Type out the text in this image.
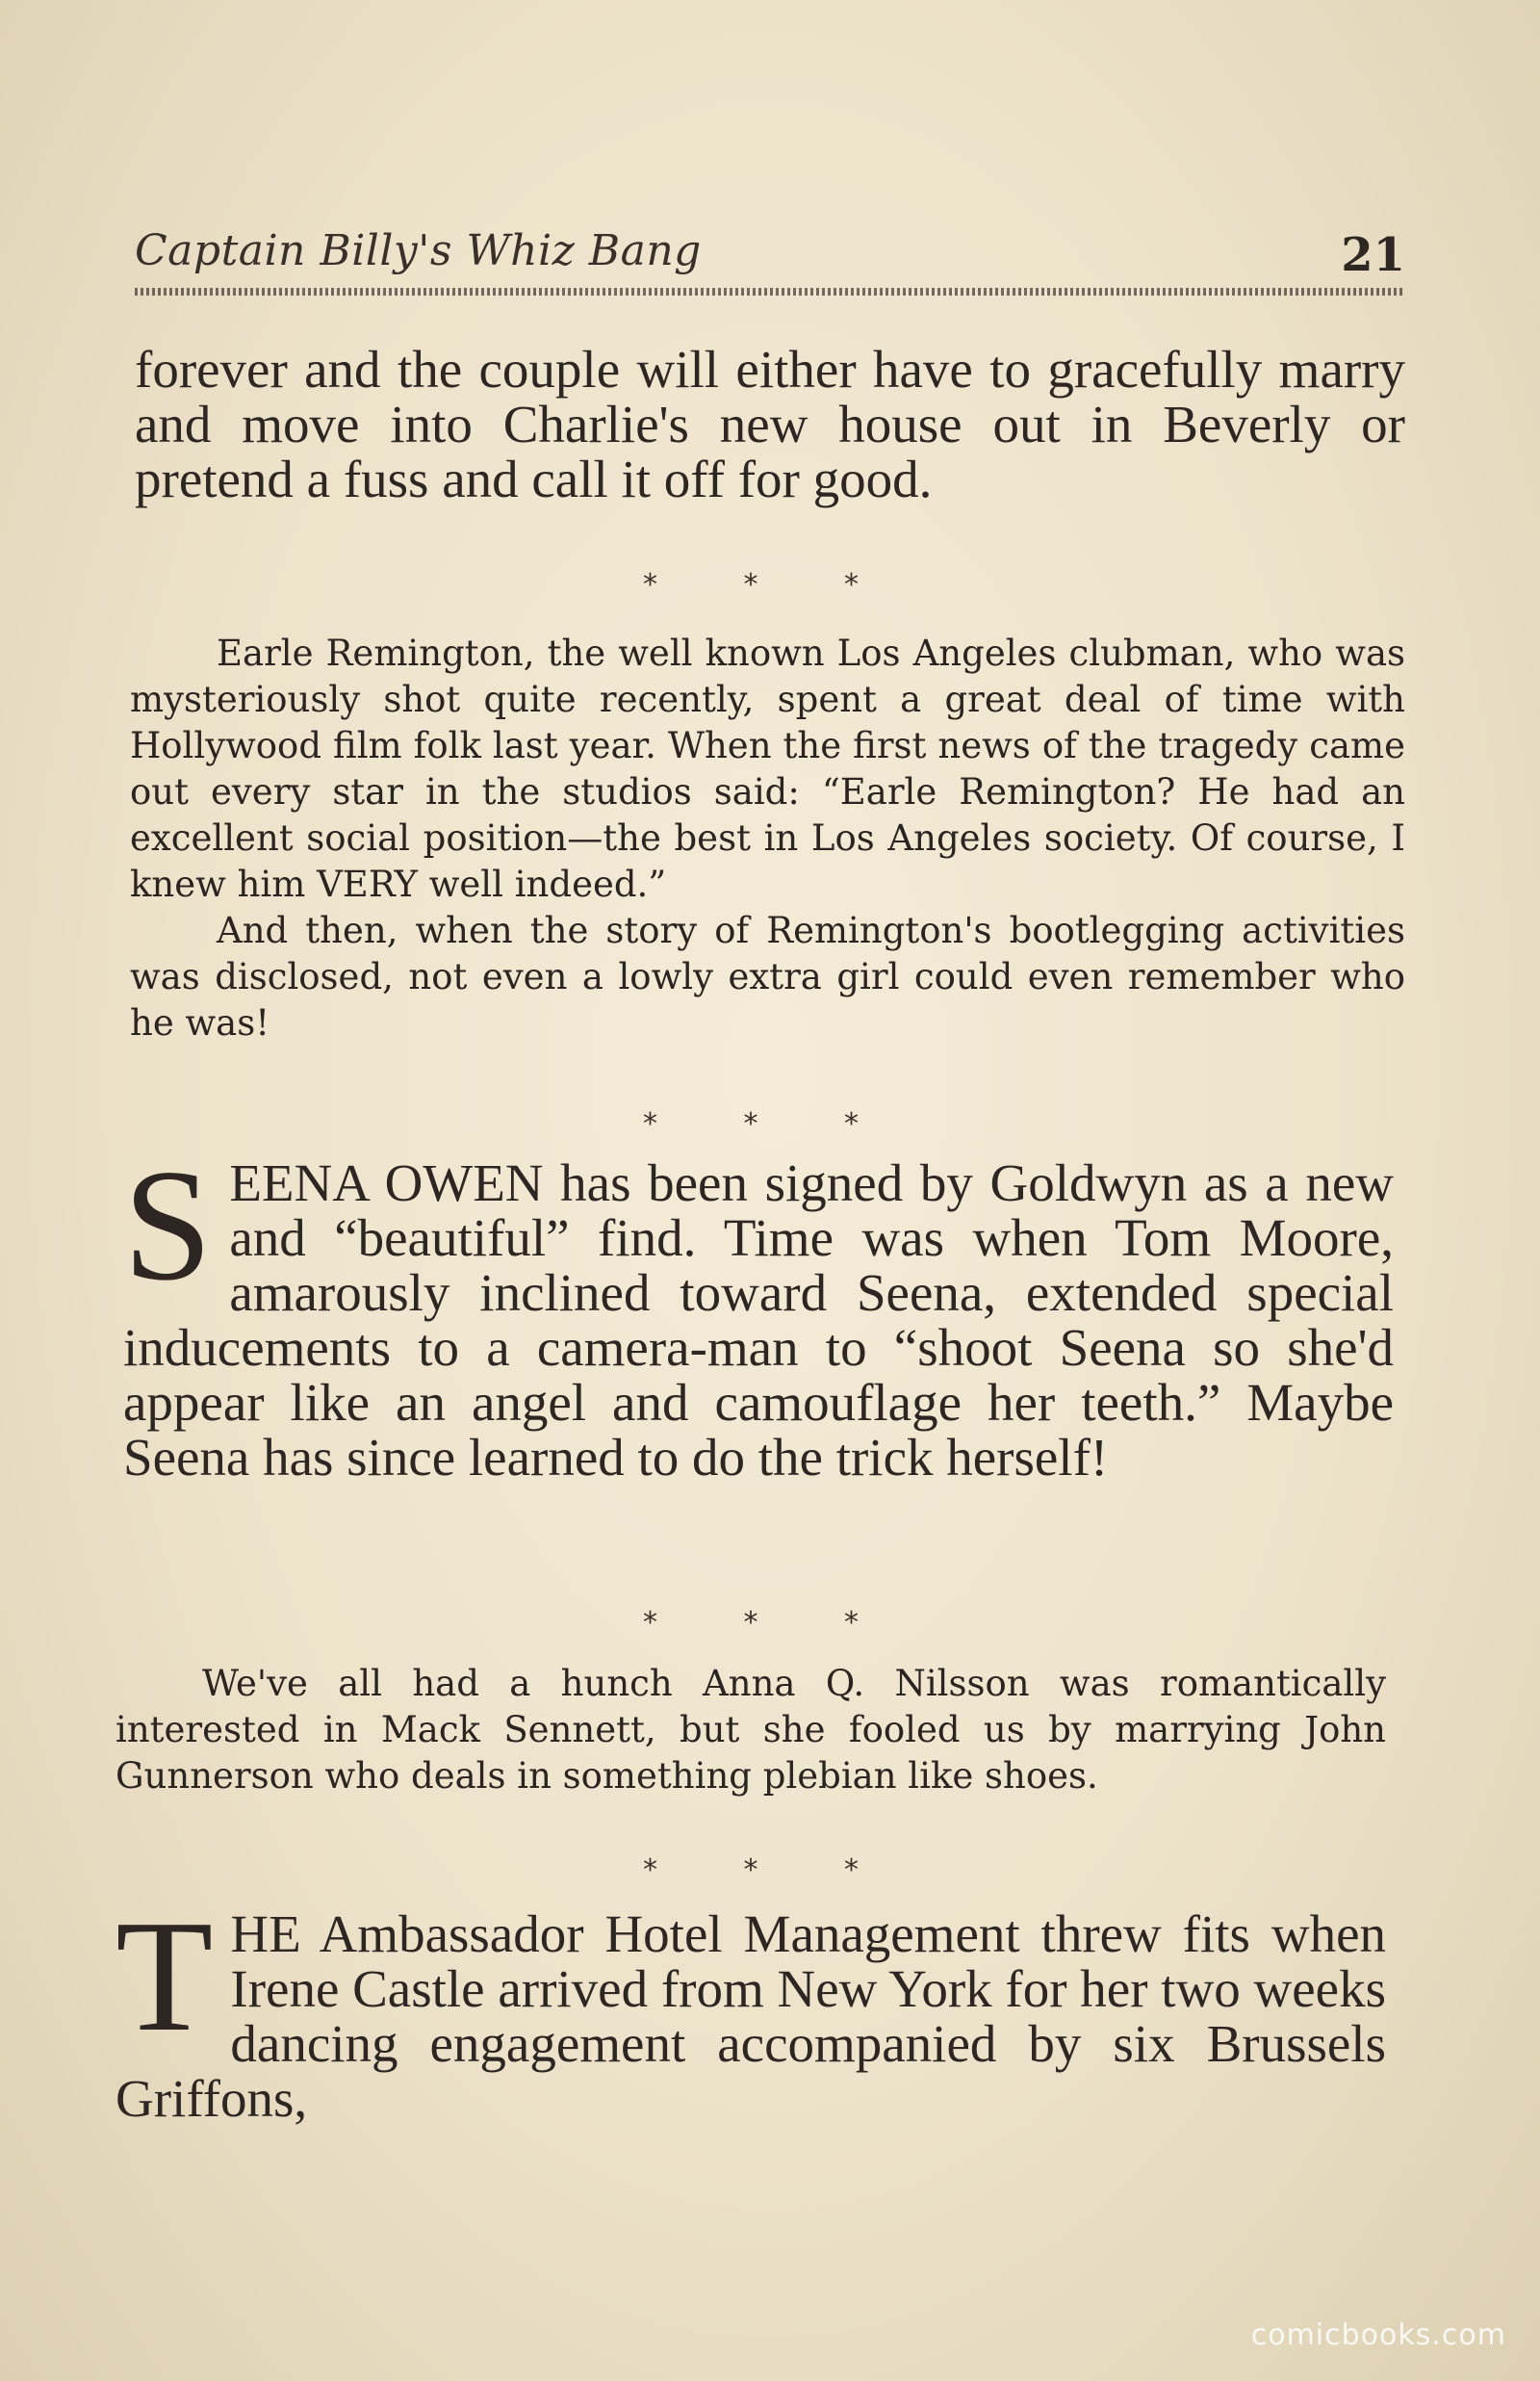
Captain Billy's Whiz Bang	21

forever and the couple will either have to gracefully marry and move into Charlie's new house out in Beverly or pretend a fuss and call it off for good.

* * *

Earle Remington, the well known Los Angeles clubman, who was mysteriously shot quite recently, spent a great deal of time with Hollywood film folk last year. When the first news of the tragedy came out every star in the studios said: “Earle Remington? He had an excellent social position—the best in Los Angeles society. Of course, I knew him VERY well indeed.”

And then, when the story of Remington's bootlegging activities was disclosed, not even a lowly extra girl could even remember who he was!

* * *
S EENA OWEN has been signed by Goldwyn as a new and “beautiful” find. Time was when Tom Moore, amarously inclined toward Seena, extended special inducements to a camera-man to “shoot Seena so she'd appear like an angel and camouflage her teeth.” Maybe Seena has since learned to do the trick herself!

* * *

We've all had a hunch Anna Q. Nilsson was romantically interested in Mack Sennett, but she fooled us by marrying John Gunnerson who deals in something plebian like shoes.

* * *
T HE Ambassador Hotel Management threw fits when Irene Castle arrived from New York for her two weeks dancing engagement accompanied by six Brussels Griffons,

comicbooks.com
